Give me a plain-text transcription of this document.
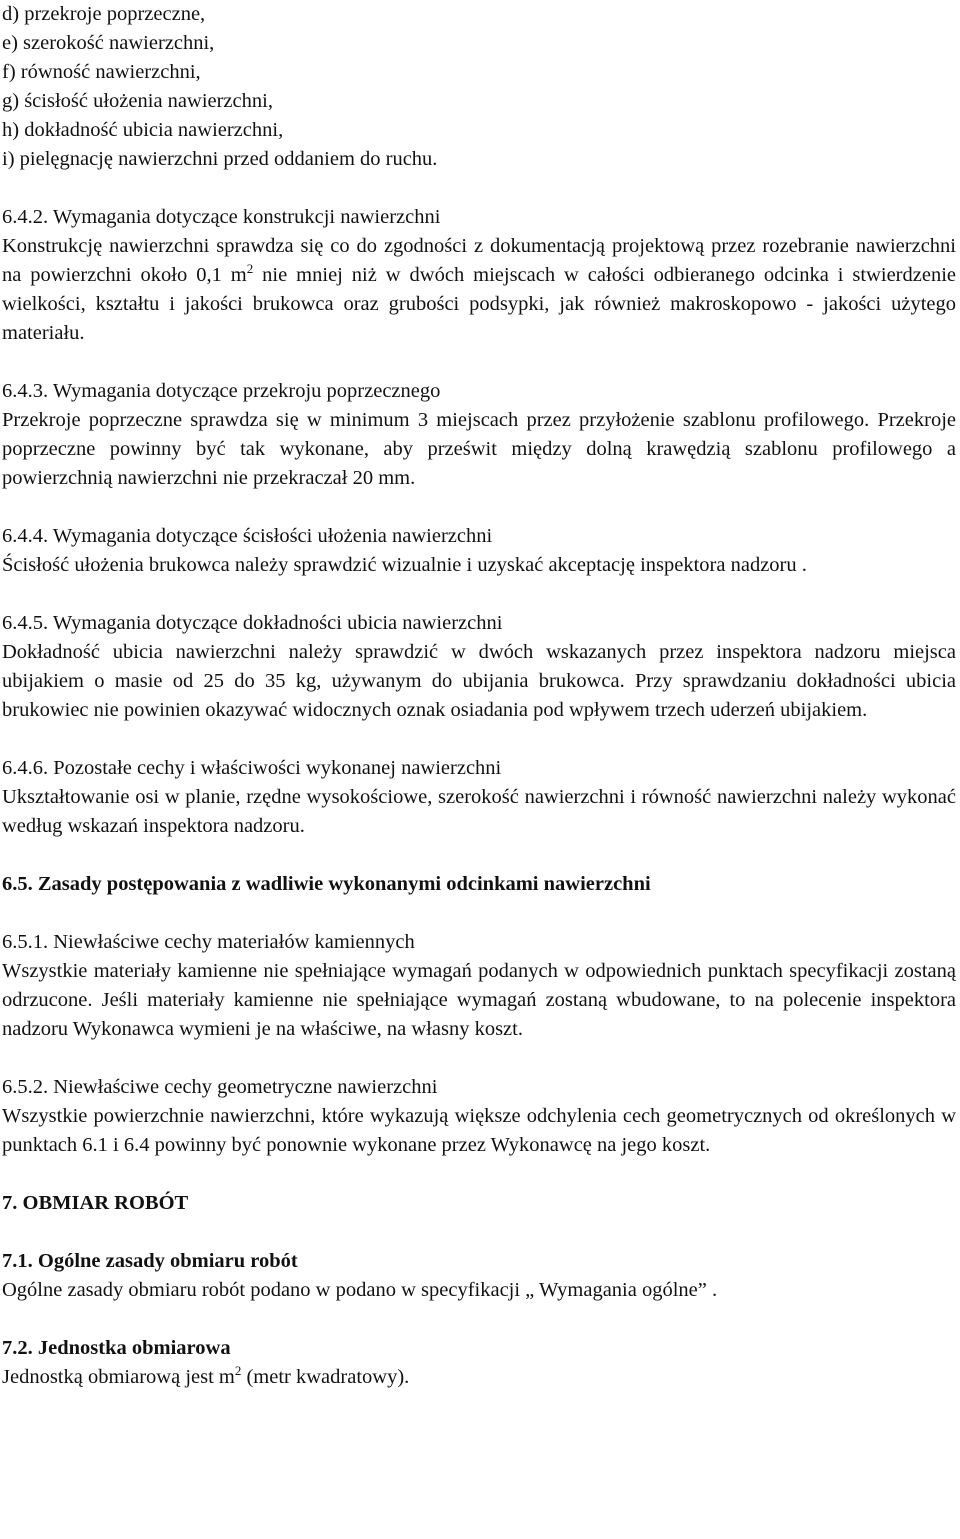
d) przekroje poprzeczne,
e) szerokość nawierzchni,
f) równość nawierzchni,
g) ścisłość ułożenia nawierzchni,
h) dokładność ubicia nawierzchni,
i) pielęgnację nawierzchni przed oddaniem do ruchu.
6.4.2. Wymagania dotyczące konstrukcji nawierzchni

Konstrukcję nawierzchni sprawdza się co do zgodności z dokumentacją projektową przez rozebranie nawierzchni na powierzchni około 0,1 $m^2$ nie mniej niż w dwóch miejscach w całości odbieranego odcinka i stwierdzenie wielkości, kształtu i jakości brukowca oraz grubości podsypki, jak również makroskopowo - jakości użytego materiału.

6.4.3. Wymagania dotyczące przekroju poprzecznego

Przekroje poprzeczne sprawdza się w minimum 3 miejscach przez przyłożenie szablonu profilowego. Przekroje poprzeczne powinny być tak wykonane, aby prześwit między dolną krawędzią szablonu profilowego a powierzchnią nawierzchni nie przekraczał 20 mm.

6.4.4. Wymagania dotyczące ścisłości ułożenia nawierzchni

Ścisłość ułożenia brukowca należy sprawdzić wizualnie i uzyskać akceptację inspektora nadzoru .

6.4.5. Wymagania dotyczące dokładności ubicia nawierzchni

Dokładność ubicia nawierzchni należy sprawdzić w dwóch wskazanych przez inspektora nadzoru miejsca ubijakiem o masie od 25 do 35 kg, używanym do ubijania brukowca. Przy sprawdzaniu dokładności ubicia brukowiec nie powinien okazywać widocznych oznak osiadania pod wpływem trzech uderzeń ubijakiem.

6.4.6. Pozostałe cechy i właściwości wykonanej nawierzchni

Ukształtowanie osi w planie, rzędne wysokościowe, szerokość nawierzchni i równość nawierzchni należy wykonać według wskazań inspektora nadzoru.

6.5. Zasady postępowania z wadliwie wykonanymi odcinkami nawierzchni
6.5.1. Niewłaściwe cechy materiałów kamiennych

Wszystkie materiały kamienne nie spełniające wymagań podanych w odpowiednich punktach specyfikacji zostaną odrzucone. Jeśli materiały kamienne nie spełniające wymagań zostaną wbudowane, to na polecenie inspektora nadzoru Wykonawca wymieni je na właściwe, na własny koszt.

6.5.2. Niewłaściwe cechy geometryczne nawierzchni

Wszystkie powierzchnie nawierzchni, które wykazują większe odchylenia cech geometrycznych od określonych w punktach 6.1 i 6.4 powinny być ponownie wykonane przez Wykonawcę na jego koszt.

7. OBMIAR ROBÓT
7.1. Ogólne zasady obmiaru robót

Ogólne zasady obmiaru robót podano w podano w specyfikacji „ Wymagania ogólne” .

7.2. Jednostka obmiarowa

Jednostką obmiarową jest $m^2$ (metr kwadratowy).
